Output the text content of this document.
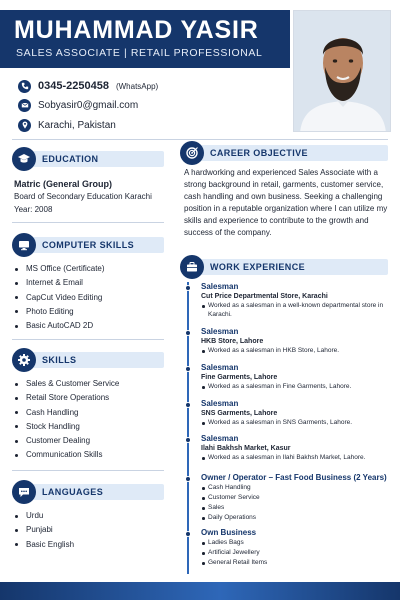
MUHAMMAD YASIR
SALES ASSOCIATE | RETAIL PROFESSIONAL
0345-2250458 (WhatsApp)
Sobyasir0@gmail.com
Karachi, Pakistan
EDUCATION
Matric (General Group)
Board of Secondary Education Karachi
Year: 2008
COMPUTER SKILLS
MS Office (Certificate)
Internet & Email
CapCut Video Editing
Photo Editing
Basic AutoCAD 2D
SKILLS
Sales & Customer Service
Retail Store Operations
Cash Handling
Stock Handling
Customer Dealing
Communication Skills
LANGUAGES
Urdu
Punjabi
Basic English
CAREER OBJECTIVE
A hardworking and experienced Sales Associate with a strong background in retail, garments, customer service, cash handling and own business. Seeking a challenging position in a reputable organization where I can utilize my skills and experience to contribute to the growth and success of the company.
WORK EXPERIENCE
Salesman
Cut Price Departmental Store, Karachi
Worked as a salesman in a well-known departmental store in Karachi.
Salesman
HKB Store, Lahore
Worked as a salesman in HKB Store, Lahore.
Salesman
Fine Garments, Lahore
Worked as a salesman in Fine Garments, Lahore.
Salesman
SNS Garments, Lahore
Worked as a salesman in SNS Garments, Lahore.
Salesman
Ilahi Bakhsh Market, Kasur
Worked as a salesman in Ilahi Bakhsh Market, Lahore.
Owner / Operator – Fast Food Business (2 Years)
Cash Handling
Customer Service
Sales
Daily Operations
Own Business
Ladies Bags
Artificial Jewellery
General Retail Items
